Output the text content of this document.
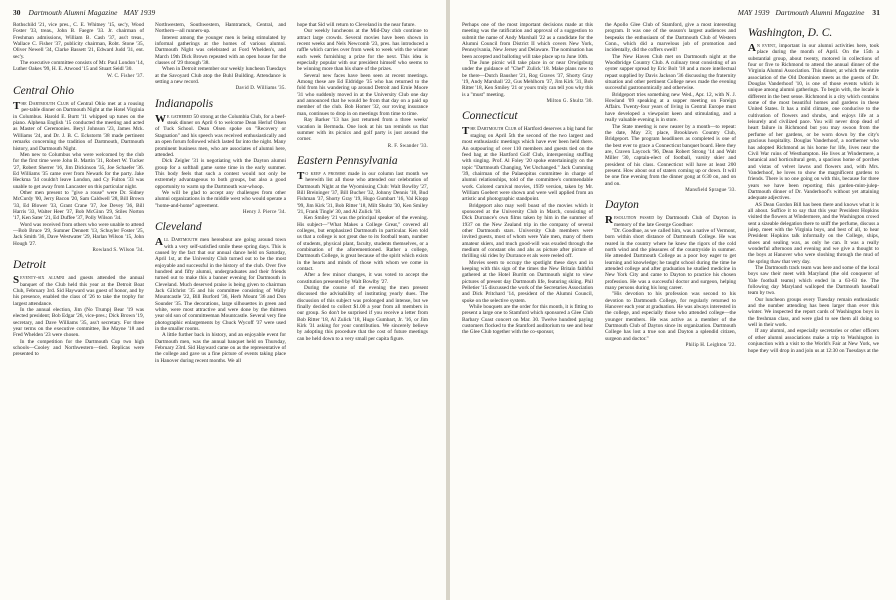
30 Dartmouth Alumni Magazine MAY 1939

Rothschild '21, vice pres., C. E. Whitney '15, sec'y, Wood Foster '33, treas., John B. Faegre '33. Jr. chairman of Freshman admissions, William B. Cash '37, ass't treas., Wallace C. Fisher '37, publicity chairman, Robt. Stone '35, Oliver Newell '34, Clarke Bassett '21, Edward Judd '31, ent. sec'y.

The executive committee consists of Mr. Paul London '14, Luther Oakes '99, H. E. Atwood '15 and Stuart Seidl '30.

W. C. Fisher '37.
Central Ohio

The Dartmouth Club of Central Ohio met at a rousing per-table dinner on Dartmouth Night at the Hotel Virginia in Columbus. Harold E. Burtt '11 whipped up tunes on the piano. Alphena English '15 conducted the meeting and acted as Master of Ceremonies. Beryl Johnson '23, James Mck. Williams '24, and Dr. J. B. C. Eckstorm '38 made pertinent remarks concerning the tradition of Dartmouth, Dartmouth history, and Dartmouth Night.

Men new to Columbus who were welcomed by the club for the first time were John B. Martin '31, Robert W. Tucker '27, Robert Sherrer '16, Jim Dickinson '35, Joe Schaefer '36. Ed Williams '35 came over from Newark for the party. Jake Heckma '34 couldn't leave London, and Cy Fulton '33 was unable to get away from Lancaster on this particular night.

Other men present to "give a rouse" were Dr. Sidney McCurdy '00, Jerry Bacon '20, Sam Caldwell '28, Bill Brown '33, Ed Blower '33, Grant Crane '37, Joe Devey '36, Bill Harris '33, Walter Heer '37, Bob McGinn '29, Stiles Norton '17, Ken Sater '21, Ed Duffee '37, Polly Wilson '34.

Word was received from others who were unable to attend—Bob Bruce '29, Sumner Dennett '13, Schuyler Foster '25, Jack Smith '36, Dave Westwater '29, Harlan Wilson '15, John Hough '27.

Rowland S. Wilson '34.
Detroit

Seventy-six alumni and guests attended the annual banquet of the Club held this year at the Detroit Boat Club, February 3rd. Sid Hayward was guest of honor, and by his presence, enabled the class of '26 to take the trophy for largest attendance.

In the annual election, Jim (No Trump) Bear '19 was elected president; Bob Edgar '26, vice-pres.; Dick Brown '19, secretary, and Dave Williams '35, ass't secretary. For three year terms on the executive committee, Ike Mayne '18 and Fred Whelden '23 were chosen.

In the competition for the Dartmouth Cup two high schools—Cooley and Northwestern—tied. Replicas were presented to

Northwestern, Southwestern, Hamtramck, Central, and Northern—all runners-up.

Interest among the younger men is being stimulated by informal gatherings at the homes of various alumni. Dartmouth Night was celebrated at Ford Whelden's, and March 19th Dick Brown repeated with an open house for the classes of '29 through '38.

When in Detroit remember our weekly luncheon Tuesdays at the Savoyard Club atop the Buhl Building. Attendance is setting a new record.

David D. Williams '35.
Indianapolis

We gathered 50 strong at the Columbia Club, for a beef-steak dinner on April 6 to welcome Dean Herluf Olsen of Tuck School. Dean Olsen spoke on "Recovery or Stagnation" and his speech was received enthusiastically and an open forum followed which lasted far into the night. Many prominent business men, who are associates of alumni here, attended.

Dick Zeigler '31 is negotiating with the Dayton alumni group for a softball game some time in the early summer. This body feels that such a contest would not only be extremely advantageous to both groups, but also a good opportunity to warm up the Dartmouth war-whoop.

We will be glad to accept any challenges from other alumni organizations in the middle west who would operate a "home-and-home" agreement.

Henry J. Pierce '34.
Cleveland

All Dartmouth men hereabout are going around town with a very self-satisfied smile these spring days. This is caused by the fact that our annual dance held on Saturday, April 1st, at the University Club turned out to be the most enjoyable and successful in the history of the club. Over five hundred and fifty alumni, undergraduates and their friends turned out to make this a banner evening for Dartmouth in Cleveland. Much deserved praise is being given to chairman Jack Gilchrist '35 and his committee consisting of Wally Mountcastle '22, Bill Burford '36, Herb Mount '36 and Don Sounder '35. The decorations, large silhouettes in green and white, were most attractive and were done by the thirteen year old son of committeeman Mountcastle. Several very fine photographic enlargements by Chuck Wycoff '37 were used in the smaller rooms.

A little further back in history, and an enjoyable event for Dartmouth men, was the annual banquet held on Thursday, February 23rd. Sid Hayward came on as the representative of the college and gave us a fine picture of events taking place in Hanover during recent months. We all

hope that Sid will return to Cleveland in the near future.

Our weekly luncheons at the Mid-Day club continue to attract large crowds. Several movies have been shown in recent weeks and Nels Newcomb '23, pres. has introduced a raffle which carries over from week to week with the winner each week furnishing a prize for the next. This idea is especially popular with our president himself who seems to be winning more than his share of the prizes.

Several new faces have been seen at recent meetings. Among these are Ed Eldridge '35 who has returned to the fold from his wandering up around Detroit and Ernie Moore '31 who suddenly moved in at the University Club one day and announced that he would be from that day on a paid up member of the club. Bob Homer '32, our roving insurance man, continues to drop in on meetings from time to time.

Ray Barker '13 has just returned from a three weeks' vacation in Bermuda. One look at his tan reminds us that summer with its picnics and golf party is just around the corner.

R. F. Swander '33.
Eastern Pennsylvania

To keep a promise made in our column last month we herewith list all those who attended our celebration of Dartmouth Night at the Wyomissing Club: Walt Bowlby '27, Bill Breininger '37, Bill Bucher '32, Johnny Dennis '18, Bud Fishman '37, Shorty Gray '19, Hugo Gumbart '16, Val Klopp '99, Jim Kirk '31, Bob Ritter '18, Milt Shultz '30, Ken Smiley '21, Frank Tingle' 30, and Al Zulick '18.

Ken Smiley '21 was the principal speaker of the evening. His subject—"What Makes a College Great," covered all colleges, but emphasized Dartmouth in particular. Ken told us that a college is not great due to its football team, number of students, physical plant, faculty, students themselves, or a combination of the aforementioned. Rather a college, Dartmouth College, is great because of the spirit which exists in the hearts and minds of those with whom we come in contact.

After a few minor changes, it was voted to accept the constitution presented by Walt Bowlby '27.

During the course of the evening the men present discussed the advisability of instituting yearly dues. The discussion of this subject was prolonged and intense, but we finally decided to collect $1.00 a year from all members in our group. So don't be surprised if you receive a letter from Bob Ritter '18, Al Zulick '18, Hugo Gumbart, Jr. '16, or Jim Kirk '31 asking for your contribution. We sincerely believe by adopting this procedure that the cost of future meetings can be held down to a very small per capita figure.

MAY 1939 Dartmouth Alumni Magazine 31

Perhaps one of the most important decisions made at this meeting was the ratification and approval of a suggestion to submit the name of Andy Marshall '22 as a candidate for the Alumni Council from District II which covers New York, Pennsylvania, New Jersey and Delaware. The nomination has been accepted and balloting will take place up to June 10th.

The June picnic will take place in or near Orwigsburg under the guidance of "Chef" Zulick '18. Make plans now to be there—Dutch Bausher '21, Rog Graves '37, Shorty Gray '19, Andy Marshall '22, Gus Mehlhorn '37, Jim Kirk '31, Bob Ritter '18, Ken Smiley '21 or yours truly can tell you why this is a "must" meeting.

Milton G. Shultz '30.
Connecticut

The Dartmouth Club of Hartford deserves a big hand for staging on April 5th the second of the two largest and most enthusiastic meetings which have ever been held there. An outpouring of over 110 members and guests tied on the feed bag at the Hartford Golf Club, interspersing stuffing with singing. Prof. Al Foley '20 spoke entertainingly on the topic "Dartmouth Changing, Yet Unchanged." Jack Cumming '39, chairman of the Palaeopitus committee in charge of alumni relationships, told of the committee's commendable work. Colored carnival movies, 1939 version, taken by Mr. William Goebert were shown and were well applied from an artistic and photographic standpoint.

Bridgeport also may well boast of the movies which it sponsored at the University Club in March, consisting of Dick Durrance's own films taken by him in the summer of 1937 on the New Zealand trip in the company of several other Dartmouth stars. University Club members were invited guests, most of whom were Yale men, many of them amateur skiers, and much good-will was exuded through the medium of constant ohs and ahs as picture after picture of thrilling ski rides by Durrance et als were reeled off.

Movies seem to occupy the spotlight these days and in keeping with this sign of the times the New Britain faithful gathered at the Hotel Burritt on Dartmouth night to view pictures of present day Dartmouth life, featuring skiing. Phil Pelletier '15 discussed the work of the Secretaries Association and Dick Pritchard '14, president of the Alumni Council, spoke on the selective system.

While bouquets are the order for this month, it is fitting to present a large one to Stamford which sponsored a Glee Club Barbary Coast concert on Mar. 30. Twelve hundred paying customers flocked to the Stamford auditorium to see and hear the Glee Club together with the co-sponsor,

the Apollo Glee Club of Stamford, give a most interesting program. It was one of the season's largest audiences and bespeaks the enthusiasm of the Dartmouth Club of Western Conn., which did a marvelous job of promotion and incidentally, did the coffers swell!

The New Haven Club met on Dartmouth night at the Woodbridge Country Club. A culinary treat consisting of an oyster supper spread by Eric Bolt '18 and a more intellectual repast supplied by Davis Jackson '36 discussing the fraternity situation and other pertinent College news made the evening successful gastronomically and otherwise.

Bridgeport tries something new Wed., Apr. 12, with N. J. Howland '09 speaking at a supper meeting on Foreign Affairs. Twenty-four years of living in Central Europe must have developed a viewpoint keen and stimulating, and a really valuable evening is in store.

The State meeting is now nearer by a month—to repeat: the date, May 23; place, Brooklawn Country Club, Bridgeport. The program headliners as completed is one of the best ever to grace a Connecticut banquet board. Here they are, Craven Laycock '96, Dean Robert Strong '14 and Walt Miller '30, captain-elect of football, varsity skier and president of his class. Connecticut will have at least 200 present. How about out of staters coming up or down. It will be one fine evening from the dinner gong at 6:30 on, and on and on.

Mansfield Sprague '33.
Dayton

Resolution passed by Dartmouth Club of Dayton in memory of the late George Goodhue:

"Dr. Goodhue, as we called him, was a native of Vermont, born within short distance of Dartmouth College. He was reared in the country where he knew the rigors of the cold north wind and the pleasures of the countryside in summer. He attended Dartmouth College as a poor boy eager to get learning and knowledge; he taught school during the time he attended college and after graduation he studied medicine in New York City and came to Dayton to practice his chosen profession. He was a successful doctor and surgeon, helping many persons during his long career.

"His devotion to his profession was second to his devotion to Dartmouth College, for regularly returned to Hanover each year at graduation. He was always interested in the college, and especially those who attended college—the younger members. He was active as a member of the Dartmouth Club of Dayton since its organization. Dartmouth College has lost a true son and Dayton a splendid citizen, surgeon and doctor."

Philip H. Leighton '22.
Washington, D. C.

An event, important in our alumni activities here, took place during the month of April. On the 15th a substantial group, about twenty, motored in collections of four or five to Richmond to attend the annual dinner of the Virginia Alumni Association. This dinner, at which the entire association of the Old Dominion meets as the guests of Dr. Douglas Vanderhoof '10, is one of those events which is unique among alumni gatherings. To begin with, the locale is different in the best sense. Richmond is a city which contains some of the most beautiful homes and gardens in these United States. It has a mild climate, one conducive to the cultivation of flowers and shrubs, and enjoys life at a leisurely and civilized pace. You will never drop dead of heart failure in Richmond but you may swoon from the perfume of her gardens, or be worn down by the city's gracious hospitality. Douglas Vanderhoof, a northerner who has adopted Richmond as his home for life, lives near the Civil War ruins of Westhampton. He lives at Windermere, a botanical and horticultural gem, a spacious home of porches and vistas of velvet lawns and flowers and, with Mrs. Vanderhoof, he loves to show the magnificent gardens to friends. There is no one going on with this, because for three years we have been reporting this garden-mint-julep-Dartmouth dinner of Dr. Vanderhoof's without yet attaining adequate adjectives.

AS Dean Gordon Bill has been there and knows what it is all about. Suffice it to say that this year President Hopkins visited the flowers at Windermere, and the Washington crowd sent a sizeable delegation there to sniff the perfume, discuss a julep, meet with the Virginia boys, and best of all, to hear President Hopkins talk informally on the College, ships, shoes and sealing wax, as only he can. It was a really wonderful afternoon and evening and we give a thought to the boys at Hanover who were sloshing through the mud of the spring thaw that very day.

The Dartmouth track team was here and some of the local boys saw their meet with Maryland (the old conqueror of Yale football teams) which ended in a 63-63 tie. The following day Maryland walloped the Dartmouth baseball team by two.

Our luncheon groups every Tuesday remain enthusiastic and the number attending has been larger than ever this winter. We inspected the report cards of Washington boys in the freshman class, and were glad to see them all doing so well in their work.

If any alumni, and especially secretaries or other officers of other alumni associations make a trip to Washington in conjunction with a visit to the World's Fair at New York, we hope they will drop in and join us at 12:30 on Tuesdays at the
